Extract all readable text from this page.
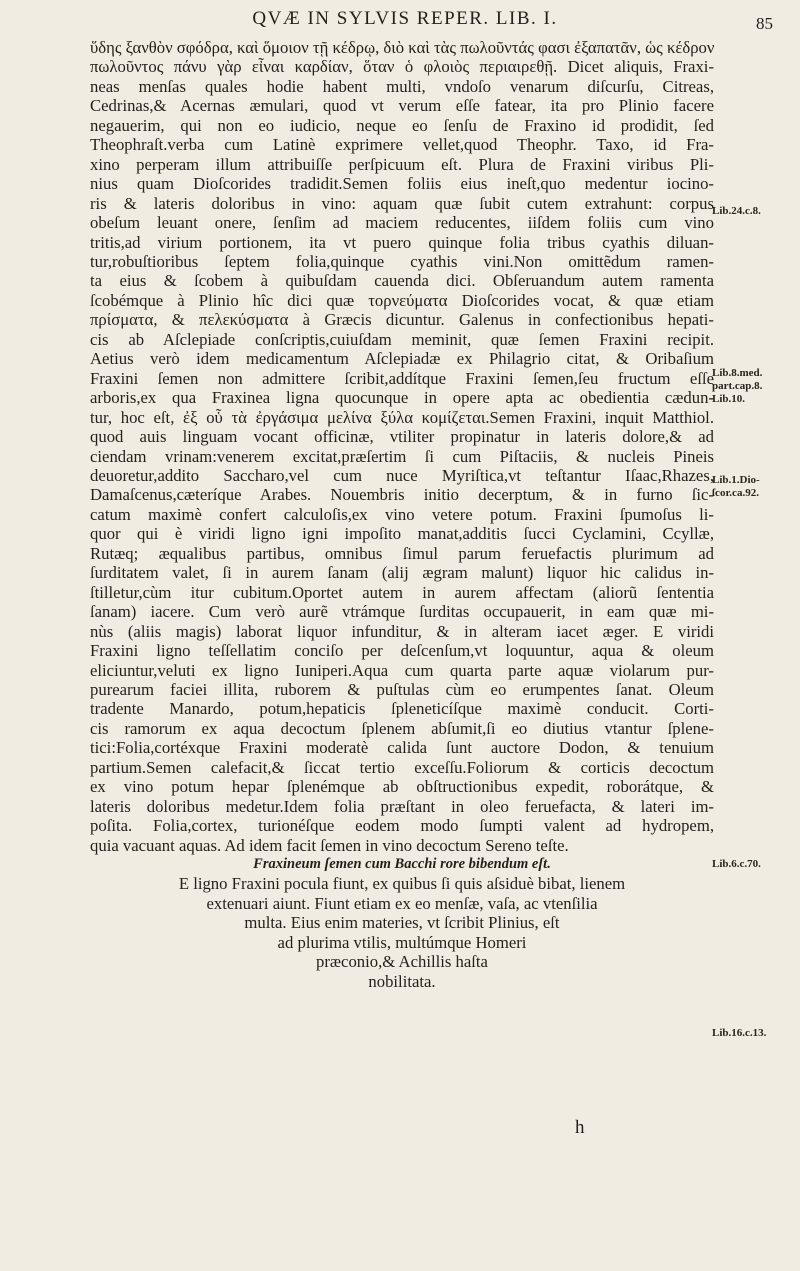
QVÆ IN SYLVIS REPER. LIB. I.	85
ὕδης ξανθὸν σφόδρα, καὶ ὅμοιον τῇ κέδρῳ, διὸ καὶ τὰς πωλοῦντάς φασι ἐξαπατᾶν, ὡς κέδρον
πωλοῦντος πάνυ γὰρ εἶναι καρδίαν, ὅταν ὁ φλοιὸς περιαιρεθῇ. Dicet aliquis, Fraxi-
neas menſas quales hodie habent multi, vndoſo venarum diſcurſu, Citreas,
Cedrinas,& Acernas æmulari, quod vt verum eſſe fatear, ita pro Plinio facere
negauerim, qui non eo iudicio, neque eo ſenſu de Fraxino id prodidit, ſed
Theophraſt.verba cum Latinè exprimere vellet,quod Theophr. Taxo, id Fra-
xino perperam illum attribuiſſe perſpicuum eſt. Plura de Fraxini viribus Pli-
nius quam Dioſcorides tradidit.Semen foliis eius ineſt,quo medentur iocino-
ris & lateris doloribus in vino: aquam quæ ſubit cutem extrahunt: corpus
obeſum leuant onere, ſenſim ad maciem reducentes, iiſdem foliis cum vino
tritis,ad virium portionem, ita vt puero quinque folia tribus cyathis diluan-
tur,robuſtioribus ſeptem folia,quinque cyathis vini.Non omittẽdum ramen-
ta eius & ſcobem à quibuſdam cauenda dici. Obſeruandum autem ramenta
ſcobémque à Plinio hîc dici quæ τορνεύματα Dioſcorides vocat, & quæ etiam
πρίσματα, & πελεκύσματα à Græcis dicuntur. Galenus in confectionibus hepati-
cis ab Aſclepiade conſcriptis,cuiuſdam meminit, quæ ſemen Fraxini recipit.
Aetius verò idem medicamentum Aſclepiadæ ex Philagrio citat, & Oribaſium
Fraxini ſemen non admittere ſcribit,addítque Fraxini ſemen,ſeu fructum eſſe
arboris,ex qua Fraxinea ligna quocunque in opere apta ac obedientia cædun-
tur, hoc eſt, ἐξ οὗ τὰ ἐργάσιμα μελίνα ξύλα κομίζεται.Semen Fraxini, inquit Matthiol.
quod auis linguam vocant officinæ, vtiliter propinatur in lateris dolore,& ad
ciendam vrinam:venerem excitat,præſertim ſi cum Piſtaciis, & nucleis Pineis
deuoretur,addito Saccharo,vel cum nuce Myriſtica,vt teſtantur Iſaac,Rhazes,
Damaſcenus,cæteríque Arabes. Nouembris initio decerptum, & in furno ſic-
catum maximè confert calculoſis,ex vino vetere potum. Fraxini ſpumoſus li-
quor qui è viridi ligno igni impoſito manat,additis ſucci Cyclamini, Ccyllæ,
Rutæq; æqualibus partibus, omnibus ſimul parum feruefactis plurimum ad
ſurditatem valet, ſi in aurem ſanam (alij ægram malunt) liquor hic calidus in-
ſtilletur,cùm itur cubitum.Oportet autem in aurem affectam (aliorũ ſententia
ſanam) iacere. Cum verò aurẽ vtrámque ſurditas occupauerit, in eam quæ mi-
nùs (aliis magis) laborat liquor infunditur, & in alteram iacet æger. E viridi
Fraxini ligno teſſellatim conciſo per deſcenſum,vt loquuntur, aqua & oleum
eliciuntur,veluti ex ligno Iuniperi.Aqua cum quarta parte aquæ violarum pur-
purearum faciei illita, ruborem & puſtulas cùm eo erumpentes ſanat. Oleum
tradente Manardo, potum,hepaticis ſpleneticíſque maximè conducit. Corti-
cis ramorum ex aqua decoctum ſplenem abſumit,ſi eo diutius vtantur ſplene-
tici:Folia,cortéxque Fraxini moderatè calida ſunt auctore Dodon, & tenuium
partium.Semen calefacit,& ſiccat tertio exceſſu.Foliorum & corticis decoctum
ex vino potum hepar ſplenémque ab obſtructionibus expedit, roborátque, &
lateris doloribus medetur.Idem folia præſtant in oleo feruefacta, & lateri im-
poſita. Folia,cortex, turionéſque eodem modo ſumpti valent ad hydropem,
quia vacuant aquas. Ad idem facit ſemen in vino decoctum Sereno teſte.

Fraxineum ſemen cum Bacchi rore bibendum eſt.

E ligno Fraxini pocula fiunt, ex quibus ſi quis aſsiduè bibat, lienem
extenuari aiunt. Fiunt etiam ex eo menſæ, vaſa, ac vtenſilia
multa. Eius enim materies, vt ſcribit Plinius, eſt
ad plurima vtilis, multúmque Homeri
præconio,& Achillis haſta
nobilitata.
Lib.24.c.8.
Lib.8.med. part.cap.8. Lib.10.
Lib.1.Dio-ſcor.ca.92.
Lib.6.c.70.
Lib.16.c.13.
h
